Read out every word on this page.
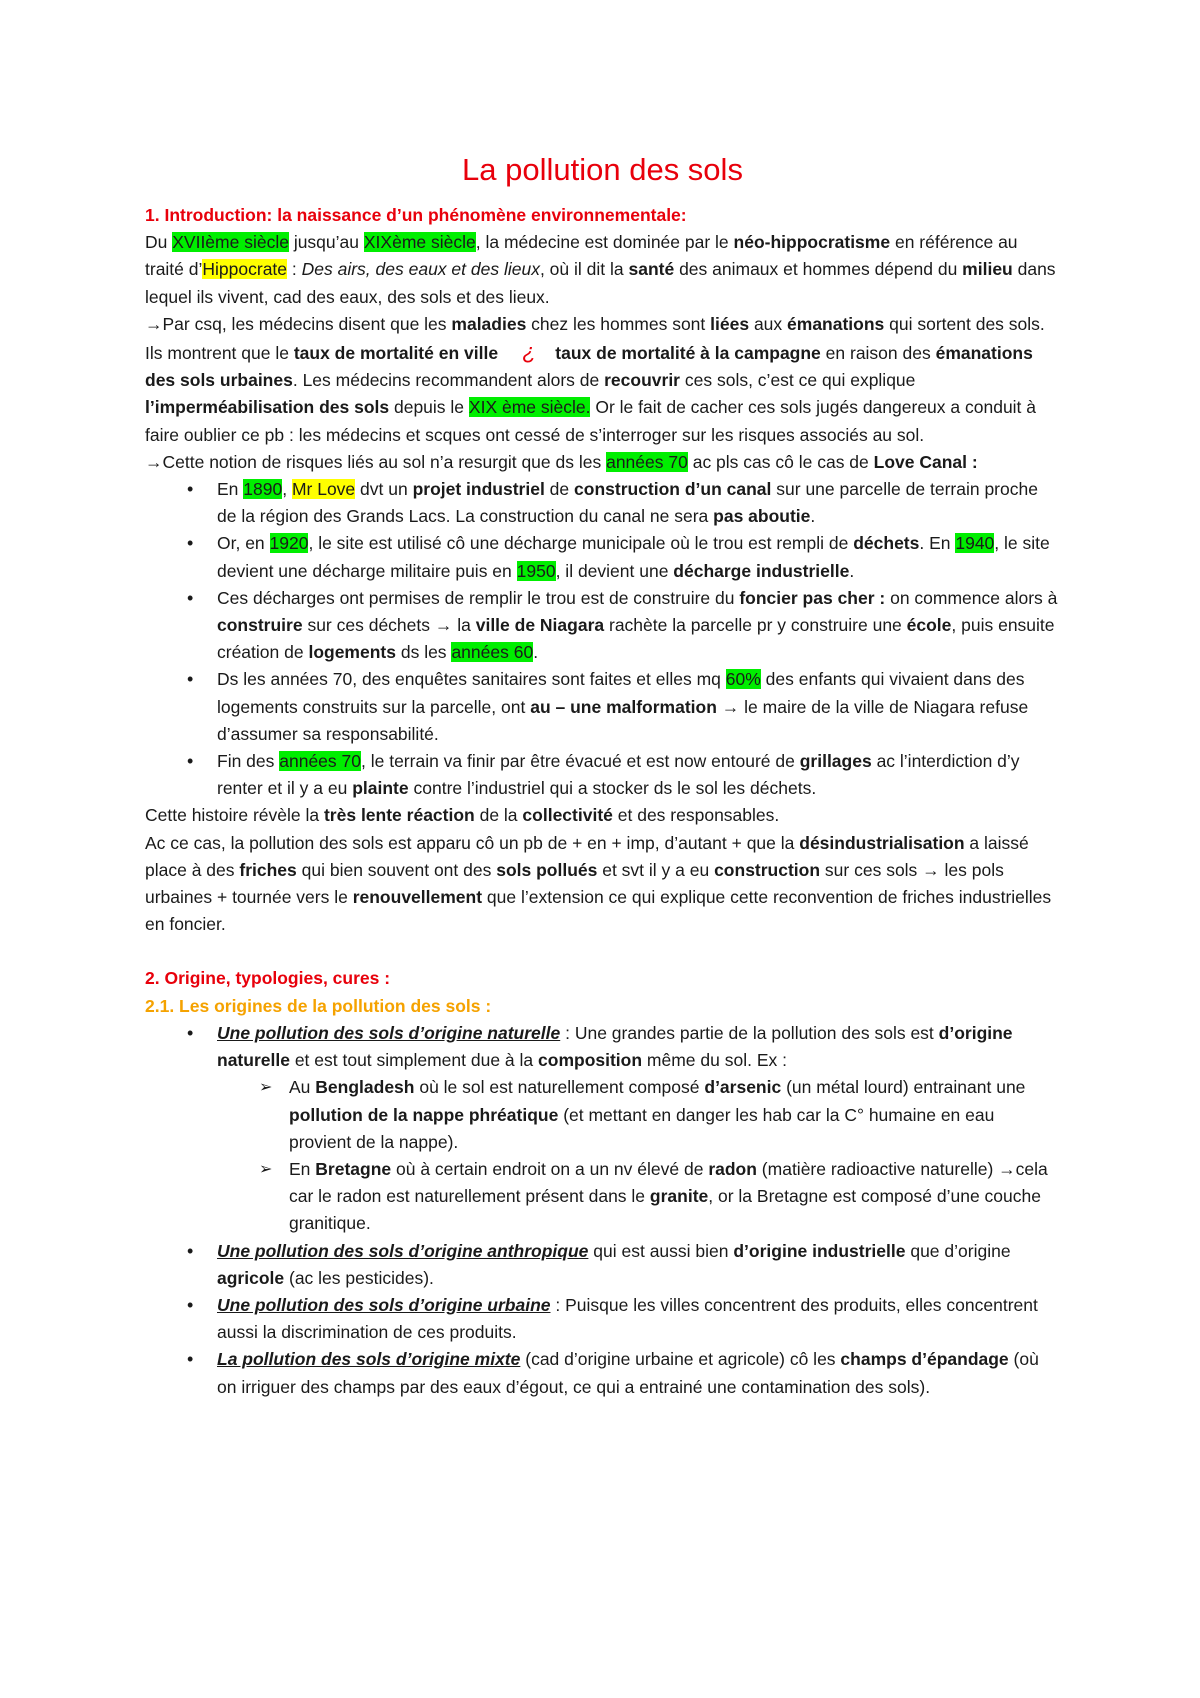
La pollution des sols

1. Introduction: la naissance d’un phénomène environnementale:

Du XVIIème siècle jusqu’au XIXème siècle, la médecine est dominée par le néo-hippocratisme en référence au traité d’Hippocrate : Des airs, des eaux et des lieux, où il dit la santé des animaux et hommes dépend du milieu dans lequel ils vivent, cad des eaux, des sols et des lieux.

→Par csq, les médecins disent que les maladies chez les hommes sont liées aux émanations qui sortent des sols. Ils montrent que le taux de mortalité en ville ¿ taux de mortalité à la campagne en raison des émanations des sols urbaines. Les médecins recommandent alors de recouvrir ces sols, c’est ce qui explique l’imperméabilisation des sols depuis le XIX ème siècle. Or le fait de cacher ces sols jugés dangereux a conduit à faire oublier ce pb : les médecins et scques ont cessé de s’interroger sur les risques associés au sol.

→Cette notion de risques liés au sol n’a resurgit que ds les années 70 ac pls cas cô le cas de Love Canal :

• En 1890, Mr Love dvt un projet industriel de construction d’un canal sur une parcelle de terrain proche de la région des Grands Lacs. La construction du canal ne sera pas aboutie.
• Or, en 1920, le site est utilisé cô une décharge municipale où le trou est rempli de déchets. En 1940, le site devient une décharge militaire puis en 1950, il devient une décharge industrielle.
• Ces décharges ont permises de remplir le trou est de construire du foncier pas cher : on commence alors à construire sur ces déchets → la ville de Niagara rachète la parcelle pr y construire une école, puis ensuite création de logements ds les années 60.
• Ds les années 70, des enquêtes sanitaires sont faites et elles mq 60% des enfants qui vivaient dans des logements construits sur la parcelle, ont au – une malformation → le maire de la ville de Niagara refuse d’assumer sa responsabilité.
• Fin des années 70, le terrain va finir par être évacué et est now entouré de grillages ac l’interdiction d’y renter et il y a eu plainte contre l’industriel qui a stocker ds le sol les déchets.

Cette histoire révèle la très lente réaction de la collectivité et des responsables.

Ac ce cas, la pollution des sols est apparu cô un pb de + en + imp, d’autant + que la désindustrialisation a laissé place à des friches qui bien souvent ont des sols pollués et svt il y a eu construction sur ces sols → les pols urbaines + tournée vers le renouvellement que l’extension ce qui explique cette reconvention de friches industrielles en foncier.

2. Origine, typologies, cures :

2.1. Les origines de la pollution des sols :

• Une pollution des sols d’origine naturelle : Une grandes partie de la pollution des sols est d’origine naturelle et est tout simplement due à la composition même du sol. Ex :
➢ Au Bengladesh où le sol est naturellement composé d’arsenic (un métal lourd) entrainant une pollution de la nappe phréatique (et mettant en danger les hab car la C° humaine en eau provient de la nappe).
➢ En Bretagne où à certain endroit on a un nv élevé de radon (matière radioactive naturelle) →cela car le radon est naturellement présent dans le granite, or la Bretagne est composé d’une couche granitique.
• Une pollution des sols d’origine anthropique qui est aussi bien d’origine industrielle que d’origine agricole (ac les pesticides).
• Une pollution des sols d’origine urbaine : Puisque les villes concentrent des produits, elles concentrent aussi la discrimination de ces produits.
• La pollution des sols d’origine mixte (cad d’origine urbaine et agricole) cô les champs d’épandage (où on irriguer des champs par des eaux d’égout, ce qui a entrainé une contamination des sols).
